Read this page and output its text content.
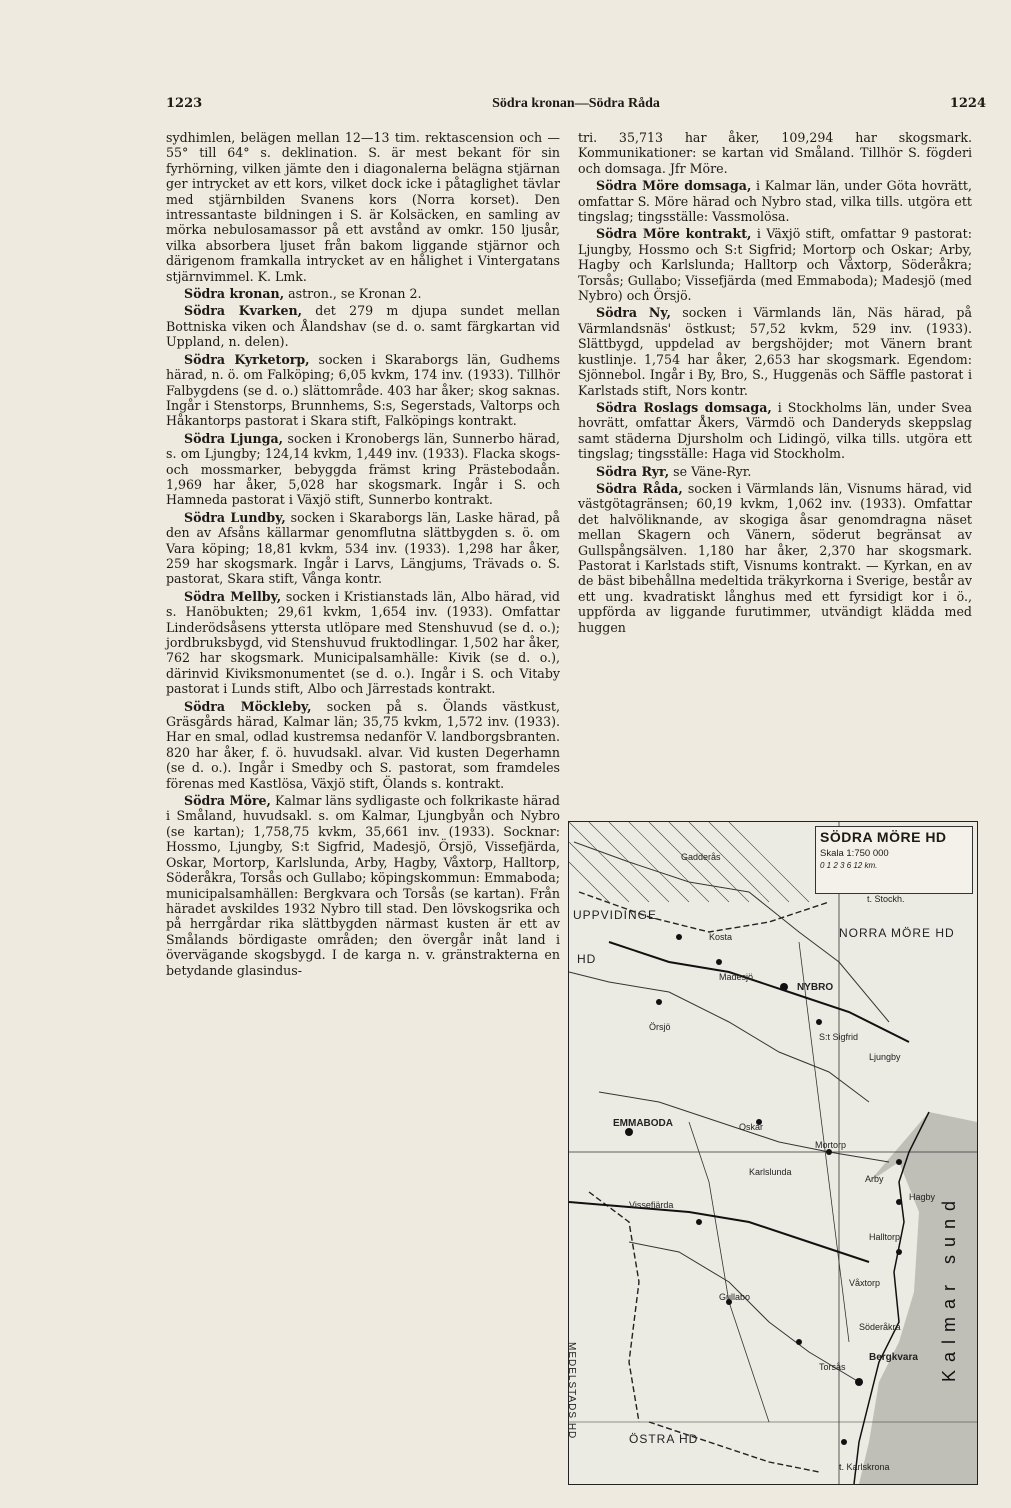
1223	Södra kronan—Södra Råda	1224

sydhimlen, belägen mellan 12—13 tim. rektascension och —55° till 64° s. deklination. S. är mest bekant för sin fyrhörning, vilken jämte den i diagonalerna belägna stjärnan ger intrycket av ett kors, vilket dock icke i påtaglighet tävlar med stjärnbilden Svanens kors (Norra korset). Den intressantaste bildningen i S. är Kolsäcken, en samling av mörka nebulosamassor på ett avstånd av omkr. 150 ljusår, vilka absorbera ljuset från bakom liggande stjärnor och därigenom framkalla intrycket av en hålighet i Vintergatans stjärnvimmel. K. Lmk.

Södra kronan, astron., se Kronan 2.

Södra Kvarken, det 279 m djupa sundet mellan Bottniska viken och Ålandshav (se d. o. samt färgkartan vid Uppland, n. delen).

Södra Kyrketorp, socken i Skaraborgs län, Gudhems härad, n. ö. om Falköping; 6,05 kvkm, 174 inv. (1933). Tillhör Falbygdens (se d. o.) slättområde. 403 har åker; skog saknas. Ingår i Stenstorps, Brunnhems, S:s, Segerstads, Valtorps och Håkantorps pastorat i Skara stift, Falköpings kontrakt.

Södra Ljunga, socken i Kronobergs län, Sunnerbo härad, s. om Ljungby; 124,14 kvkm, 1,449 inv. (1933). Flacka skogs- och mossmarker, bebyggda främst kring Prästebodaån. 1,969 har åker, 5,028 har skogsmark. Ingår i S. och Hamneda pastorat i Växjö stift, Sunnerbo kontrakt.

Södra Lundby, socken i Skaraborgs län, Laske härad, på den av Afsåns källarmar genomflutna slättbygden s. ö. om Vara köping; 18,81 kvkm, 534 inv. (1933). 1,298 har åker, 259 har skogsmark. Ingår i Larvs, Längjums, Trävads o. S. pastorat, Skara stift, Vånga kontr.

Södra Mellby, socken i Kristianstads län, Albo härad, vid s. Hanöbukten; 29,61 kvkm, 1,654 inv. (1933). Omfattar Linderödsåsens yttersta utlöpare med Stenshuvud (se d. o.); jordbruksbygd, vid Stenshuvud fruktodlingar. 1,502 har åker, 762 har skogsmark. Municipalsamhälle: Kivik (se d. o.), därinvid Kiviksmonumentet (se d. o.). Ingår i S. och Vitaby pastorat i Lunds stift, Albo och Järrestads kontrakt.

Södra Möckleby, socken på s. Ölands västkust, Gräsgårds härad, Kalmar län; 35,75 kvkm, 1,572 inv. (1933). Har en smal, odlad kustremsa nedanför V. landborgsbranten. 820 har åker, f. ö. huvudsakl. alvar. Vid kusten Degerhamn (se d. o.). Ingår i Smedby och S. pastorat, som framdeles förenas med Kastlösa, Växjö stift, Ölands s. kontrakt.

Södra Möre, Kalmar läns sydligaste och folkrikaste härad i Småland, huvudsakl. s. om Kalmar, Ljungbyån och Nybro (se kartan); 1,758,75 kvkm, 35,661 inv. (1933). Socknar: Hossmo, Ljungby, S:t Sigfrid, Madesjö, Örsjö, Vissefjärda, Oskar, Mortorp, Karlslunda, Arby, Hagby, Våxtorp, Halltorp, Söderåkra, Torsås och Gullabo; köpingskommun: Emmaboda; municipalsamhällen: Bergkvara och Torsås (se kartan). Från häradet avskildes 1932 Nybro till stad. Den lövskogsrika och på herrgårdar rika slättbygden närmast kusten är ett av Smålands bördigaste områden; den övergår inåt land i övervägande skogsbygd. I de karga n. v. gränstrakterna en betydande glasindus-

tri. 35,713 har åker, 109,294 har skogsmark. Kommunikationer: se kartan vid Småland. Tillhör S. fögderi och domsaga. Jfr Möre.

Södra Möre domsaga, i Kalmar län, under Göta hovrätt, omfattar S. Möre härad och Nybro stad, vilka tills. utgöra ett tingslag; tingsställe: Vassmolösa.

Södra Möre kontrakt, i Växjö stift, omfattar 9 pastorat: Ljungby, Hossmo och S:t Sigfrid; Mortorp och Oskar; Arby, Hagby och Karlslunda; Halltorp och Våxtorp, Söderåkra; Torsås; Gullabo; Vissefjärda (med Emmaboda); Madesjö (med Nybro) och Örsjö.

Södra Ny, socken i Värmlands län, Näs härad, på Värmlandsnäs' östkust; 57,52 kvkm, 529 inv. (1933). Slättbygd, uppdelad av bergshöjder; mot Vänern brant kustlinje. 1,754 har åker, 2,653 har skogsmark. Egendom: Sjönnebol. Ingår i By, Bro, S., Huggenäs och Säffle pastorat i Karlstads stift, Nors kontr.

Södra Roslags domsaga, i Stockholms län, under Svea hovrätt, omfattar Åkers, Värmdö och Danderyds skeppslag samt städerna Djursholm och Lidingö, vilka tills. utgöra ett tingslag; tingsställe: Haga vid Stockholm.

Södra Ryr, se Väne-Ryr.

Södra Råda, socken i Värmlands län, Visnums härad, vid västgötagränsen; 60,19 kvkm, 1,062 inv. (1933). Omfattar det halvöliknande, av skogiga åsar genomdragna näset mellan Skagern och Vänern, söderut begränsat av Gullspångsälven. 1,180 har åker, 2,370 har skogsmark. Pastorat i Karlstads stift, Visnums kontrakt. — Kyrkan, en av de bäst bibehållna medeltida träkyrkorna i Sverige, består av ett ung. kvadratiskt långhus med ett fyrsidigt kor i ö., uppförda av liggande furutimmer, utvändigt klädda med huggen

SÖDRA MÖRE HD
Skala 1:750 000
0 1 2 3 6 12 km.
Gadderås
t. Stockh.
UPPVIDINGE
HD
NORRA MÖRE HD
Kosta
NYBRO
Madesjö
Örsjö
S:t Sigfrid
Ljungby
EMMABODA	Oskar
Mortorp
Arby
Hagby
Karlslunda
Vissefjärda
Halltorp
Våxtorp
Gullabo
Söderåkra
Torsås
Bergkvara
ÖSTRA HD
t. Karlskrona
MEDELSTADS HD
Kalmar sund
